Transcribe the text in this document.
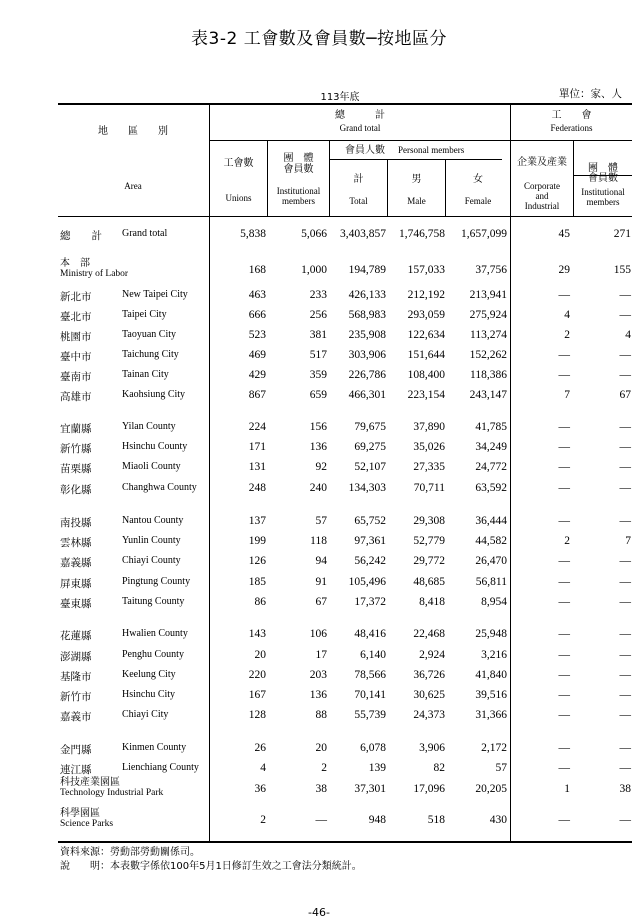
表3-2 工會數及會員數─按地區分
113年底	單位：家、人
地　　區　　別
Area
總　　　計
Grand total
工會數
Unions
團　體
會員數
Institutional
members
會員人數	Personal members
計
Total
男
Male
女
Female
工　　會
Federations
企業及產業
Corporate
and
Industrial
團　體
會員數
Institutional
members
總　　計 Grand total	5,838	5,066 3,403,857 1,746,758 1,657,099	45	271
本　部
Ministry of Labor	168	1,000 194,789 157,033	37,756	29	155
新北市	New Taipei City	463	233 426,133 212,192 213,941	—	—
臺北市	Taipei City	666	256 568,983 293,059 275,924	4	—
桃園市	Taoyuan City	523	381 235,908 122,634 113,274	2	4
臺中市	Taichung City	469	517 303,906 151,644 152,262	—	—
臺南市	Tainan City	429	359 226,786 108,400 118,386	—	—
高雄市	Kaohsiung City	867	659 466,301 223,154 243,147	7	67
宜蘭縣	Yilan County	224	156 79,675 37,890	41,785	—	—
新竹縣	Hsinchu County	171	136 69,275 35,026	34,249	—	—
苗栗縣	Miaoli County	131	92 52,107 27,335	24,772	—	—
彰化縣	Changhwa County	248	240 134,303 70,711	63,592	—	—
南投縣	Nantou County	137	57 65,752 29,308	36,444	—	—
雲林縣	Yunlin County	199	118 97,361 52,779	44,582	2	7
嘉義縣	Chiayi County	126	94 56,242 29,772	26,470	—	—
屏東縣	Pingtung County	185	91 105,496 48,685	56,811	—	—
臺東縣	Taitung County	86	67 17,372	8,418	8,954	—	—
花蓮縣	Hwalien County	143	106 48,416 22,468	25,948	—	—
澎湖縣	Penghu County	20	17	6,140	2,924	3,216	—	—
基隆市	Keelung City	220	203 78,566 36,726	41,840	—	—
新竹市	Hsinchu City	167	136 70,141 30,625	39,516	—	—
嘉義市	Chiayi City	128	88 55,739 24,373	31,366	—	—
金門縣	Kinmen County	26	20	6,078	3,906	2,172	—	—
連江縣	Lienchiang County	4	2	139	82	57	—	—
科技產業園區
Technology Industrial Park	36	38 37,301 17,096	20,205	1	38
科學園區
Science Parks	2	—	948	518	430	—	—
資料來源：勞動部勞動關係司。
說　　明：本表數字係依100年5月1日修訂生效之工會法分類統計。
-46-
